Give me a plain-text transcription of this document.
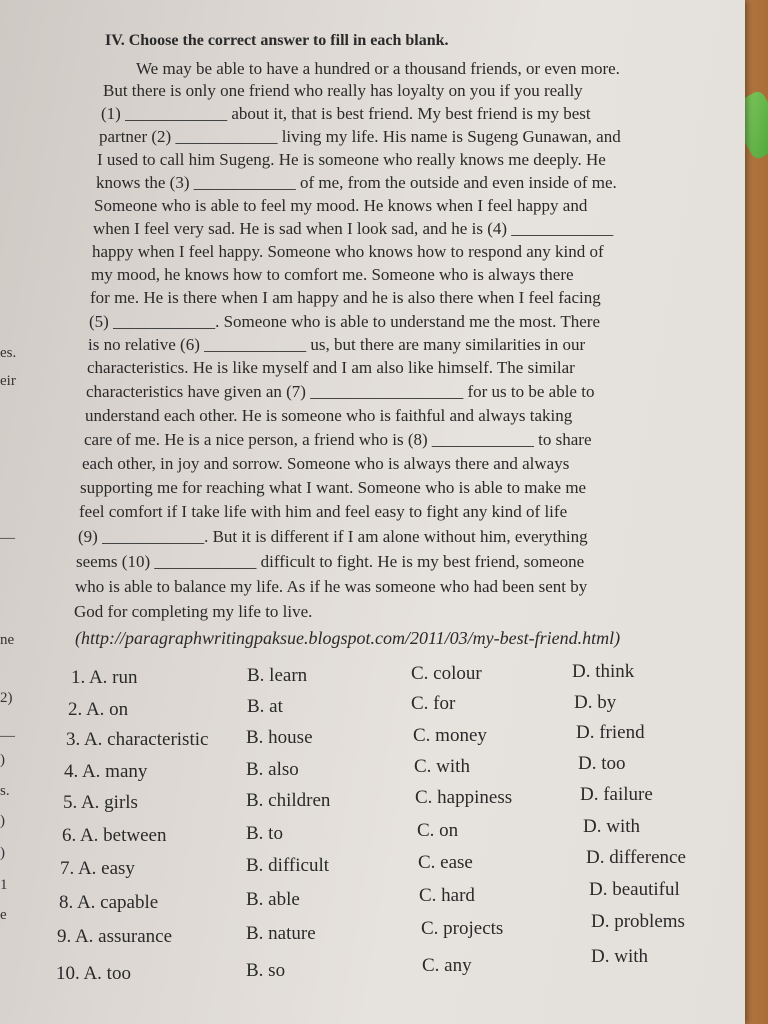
IV. Choose the correct answer to fill in each blank.
We may be able to have a hundred or a thousand friends, or even more.
But there is only one friend who really has loyalty on you if you really
(1) ____________ about it, that is best friend. My best friend is my best
partner (2) ____________ living my life. His name is Sugeng Gunawan, and
I used to call him Sugeng. He is someone who really knows me deeply. He
knows the (3) ____________ of me, from the outside and even inside of me.
Someone who is able to feel my mood. He knows when I feel happy and
when I feel very sad. He is sad when I look sad, and he is (4) ____________
happy when I feel happy. Someone who knows how to respond any kind of
my mood, he knows how to comfort me. Someone who is always there
for me. He is there when I am happy and he is also there when I feel facing
(5) ____________. Someone who is able to understand me the most. There
is no relative (6) ____________ us, but there are many similarities in our
characteristics. He is like myself and I am also like himself. The similar
characteristics have given an (7) __________________ for us to be able to
understand each other. He is someone who is faithful and always taking
care of me. He is a nice person, a friend who is (8) ____________ to share
each other, in joy and sorrow. Someone who is always there and always
supporting me for reaching what I want. Someone who is able to make me
feel comfort if I take life with him and feel easy to fight any kind of life
(9) ____________. But it is different if I am alone without him, everything
seems (10) ____________ difficult to fight. He is my best friend, someone
who is able to balance my life. As if he was someone who had been sent by
God for completing my life to live.
(http://paragraphwritingpaksue.blogspot.com/2011/03/my-best-friend.html)
1. A. run	B. learn	C. colour	D. think
2. A. on	B. at	C. for	D. by
3. A. characteristic B. house	C. money	D. friend
4. A. many	B. also	C. with	D. too
5. A. girls	B. children	C. happiness	D. failure
6. A. between	B. to	C. on	D. with
7. A. easy	B. difficult	C. ease	D. difference
8. A. capable	B. able	C. hard	D. beautiful
9. A. assurance	B. nature	C. projects	D. problems
10. A. too	B. so	C. any	D. with
es.
eir
—
ne
2)
—
)
s.
)
)
1
e
